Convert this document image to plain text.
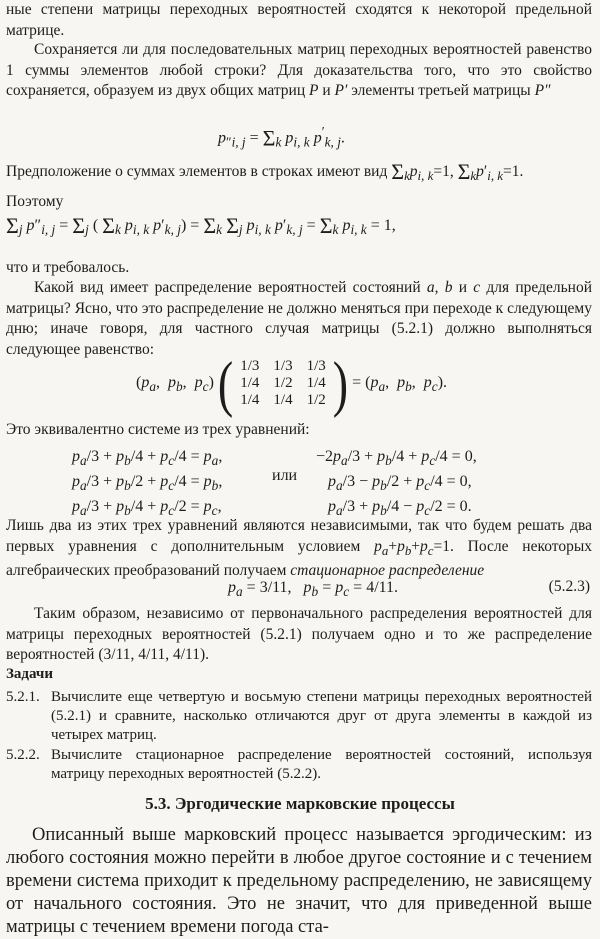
ные степени матрицы переходных вероятностей сходятся к некоторой предельной матрице.

Сохраняется ли для последовательных матриц переходных вероятностей равенство 1 суммы элементов любой строки? Для доказательства того, что это свойство сохраняется, образуем из двух общих матриц P и P′ элементы третьей матрицы P″

$p_{''i, j} = \Sigma_k$ $p_{i, k}$ $p'_{k, j}$.

Предположение о суммах элементов в строках имеют вид $\Sigma_kp_{i, k}=1$, $\Sigma_kp'_{i, k}=1$.

Поэтому

$\Sigma_j$ $p''_{i, j} = \Sigma_j$ ( $\Sigma_k$ $p_{i, k}$ $p'_{k, j}) = \Sigma_k$ $\Sigma_j$ $p_{i, k}$ $p'_{k, j} = \Sigma_k$ $p_{i, k} = 1$,

что и требовалось.

Какой вид имеет распределение вероятностей состояний a, b и c для предельной матрицы? Ясно, что это распределение не должно меняться при переходе к следующему дню; иначе говоря, для частного случая матрицы (5.2.1) должно выполняться следующее равенство:

($p_a$,  $p_b$,  $p_c$) ( 1/3	1/3	1/3
1/4	1/2	1/4
1/4	1/4	1/2 ) = ($p_a$,  $p_b$,  $p_c$).

Это эквивалентно системе из трех уравнений:

$p_a/3 + p_b/4 + p_c/4 = p_a$,
$p_a/3 + p_b/2 + p_c/4 = p_b$,
$p_a/3 + p_b/4 + p_c/2 = p_c$,
или
$-2p_a/3 + p_b/4 + p_c/4 = 0$,
$p_a/3 - p_b/2 + p_c/4 = 0$,
$p_a/3 + p_b/4 - p_c/2 = 0$.

Лишь два из этих трех уравнений являются независимыми, так что будем решать два первых уравнения с дополнительным условием $p_a+p_b+p_c=1$. После некоторых алгебраических преобразований получаем стационарное распределение

$p_a = 3/11$,   $p_b = p_c = 4/11$.	(5.2.3)

Таким образом, независимо от первоначального распределения вероятностей для матрицы переходных вероятностей (5.2.1) получаем одно и то же распределение вероятностей (3/11, 4/11, 4/11).

Задачи
5.2.1. Вычислите еще четвертую и восьмую степени матрицы переходных вероятностей (5.2.1) и сравните, насколько отличаются друг от друга элементы в каждой из четырех матриц.
5.2.2. Вычислите стационарное распределение вероятностей состояний, используя матрицу переходных вероятностей (5.2.2).
5.3. Эргодические марковские процессы

Описанный выше марковский процесс называется эргодическим: из любого состояния можно перейти в любое другое состояние и с течением времени система приходит к предельному распределению, не зависящему от начального состояния. Это не значит, что для приведенной выше матрицы с течением времени погода ста-
